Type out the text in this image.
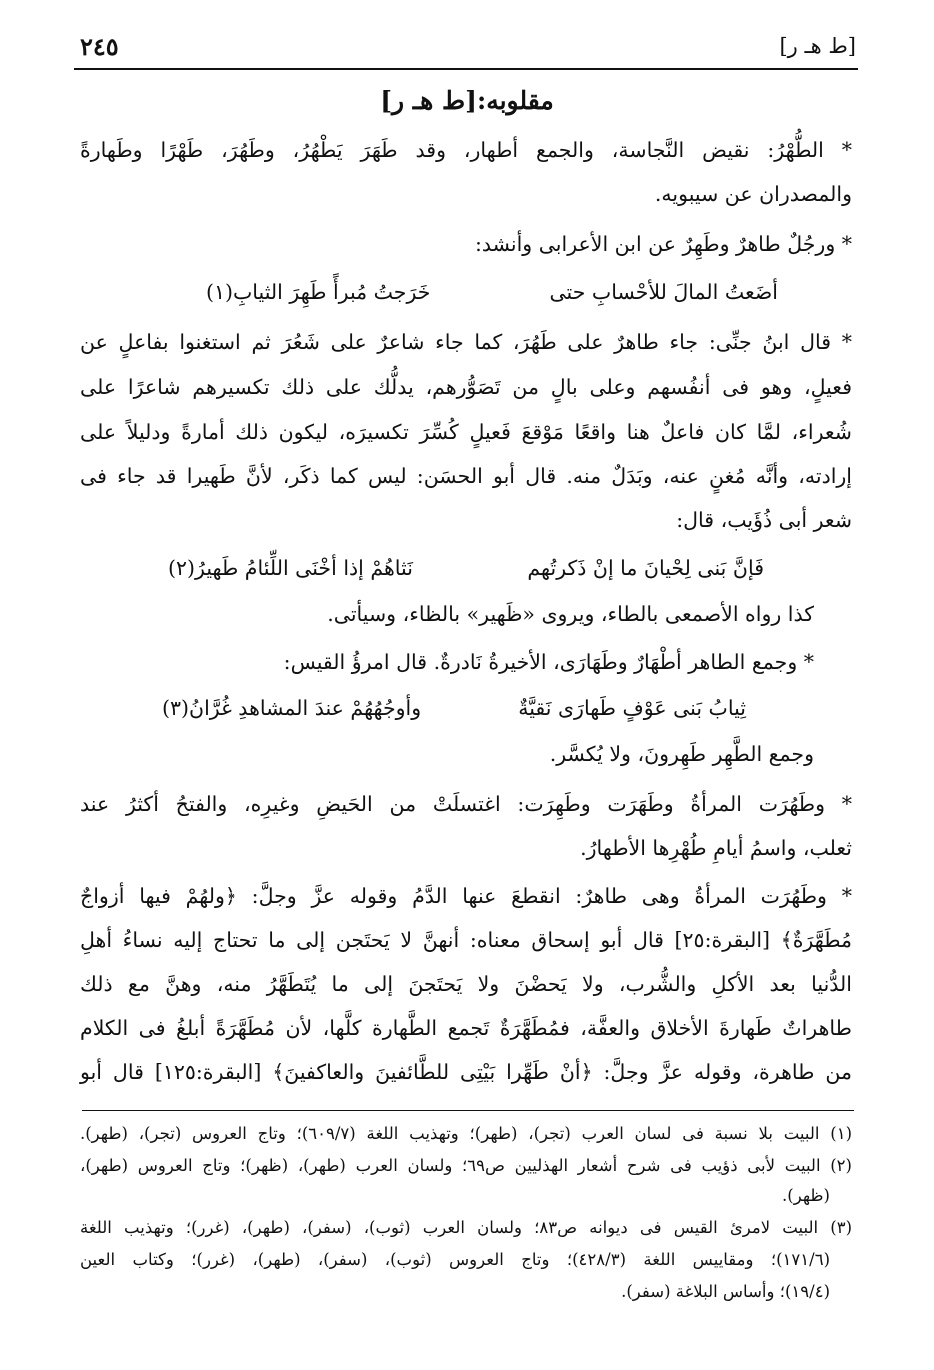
[ط هـ ر]
٢٤٥
مقلوبه:[ط هـ ر]
* الطُّهْرُ: نقيض النَّجاسة، والجمع أطهار، وقد طَهَرَ يَطْهُرُ، وطَهُرَ، طَهْرًا وطَهارةً
والمصدران عن سيبويه.
* ورجُلٌ طاهرٌ وطَهِرٌ عن ابن الأعرابى وأنشد:
أضَعتُ المالَ للأحْسابِ حتى
خَرَجتُ مُبرأً طَهِرَ الثيابِ(١)
* قال ابنُ جنِّى: جاء طاهرٌ على طَهُرَ، كما جاء شاعرٌ على شَعُرَ ثم استغنوا بفاعلٍ عن
فعيلٍ، وهو فى أنفُسهم وعلى بالٍ من تَصَوُّرهم، يدلُّك على ذلك تكسيرهم شاعرًا على
شُعراء، لمَّا كان فاعلٌ هنا واقعًا مَوْقعَ فَعيلٍ كُسِّرَ تكسيرَه، ليكون ذلك أمارةً ودليلاً على
إرادته، وأنَّه مُغنٍ عنه، وبَدَلٌ منه. قال أبو الحسَن: ليس كما ذكَر، لأنَّ طَهيرا قد جاء فى
شعر أبى ذُؤَيب، قال:
فَإنَّ بَنى لِحْيانَ ما إنْ ذَكرتُهم
نَثاهُمْ إذا أخْنَى اللِّئامُ طَهيرُ(٢)
كذا رواه الأصمعى بالطاء، ويروى «ظَهير» بالظاء، وسيأتى.
* وجمع الطاهر أطْهَارٌ وطَهَارَى، الأخيرةُ نَادرةٌ. قال امرؤُ القيس:
ثِيابُ بَنى عَوْفٍ طَهارَى نَقيَّةٌ
وأوجُهُهُمْ عندَ المشاهدِ غُرَّانُ(٣)
وجمع الطَّهِر طَهِرونَ، ولا يُكسَّر.
* وطَهُرَت المرأةُ وطَهَرَت وطَهِرَت: اغتسلَتْ من الحَيضِ وغيرِه، والفتحُ أكثرُ عند
ثعلب، واسمُ أيامِ طُهْرِها الأطهارُ.
* وطَهُرَت المرأةُ وهى طاهرٌ: انقطعَ عنها الدَّمُ وقوله عزَّ وجلَّ: ﴿ولهُمْ فيها أزواجٌ
مُطَهَّرَةٌ﴾ [البقرة:٢٥] قال أبو إسحاق معناه: أنهنَّ لا يَحتَجن إلى ما تحتاج إليه نساءُ أهلِ
الدُّنيا بعد الأكلِ والشُّرب، ولا يَحضْنَ ولا يَحتَجنَ إلى ما يُتَطَهَّرُ منه، وهنَّ مع ذلك
طاهراتٌ طَهارةَ الأخلاق والعفَّة، فمُطَهَّرَةٌ تَجمع الطَّهارة كلَّها، لأن مُطَهَّرَةً أبلغُ فى الكلام
من طاهرة، وقوله عزَّ وجلَّ: ﴿أنْ طَهِّرا بَيْتِى للطَّائفينَ والعاكفينَ﴾ [البقرة:١٢٥] قال أبو
(١) البيت بلا نسبة فى لسان العرب (تجر)، (طهر)؛ وتهذيب اللغة (٦٠٩/٧)؛ وتاج العروس (تجر)، (طهر).
(٢) البيت لأبى ذؤيب فى شرح أشعار الهذليين ص٦٩؛ ولسان العرب (طهر)، (ظهر)؛ وتاج العروس (طهر)،
(ظهر).
(٣) البيت لامرئ القيس فى ديوانه ص٨٣؛ ولسان العرب (ثوب)، (سفر)، (طهر)، (غرر)؛ وتهذيب اللغة
(١٧١/٦)؛ ومقاييس اللغة (٤٢٨/٣)؛ وتاج العروس (ثوب)، (سفر)، (طهر)، (غرر)؛ وكتاب العين
(١٩/٤)؛ وأساس البلاغة (سفر).
